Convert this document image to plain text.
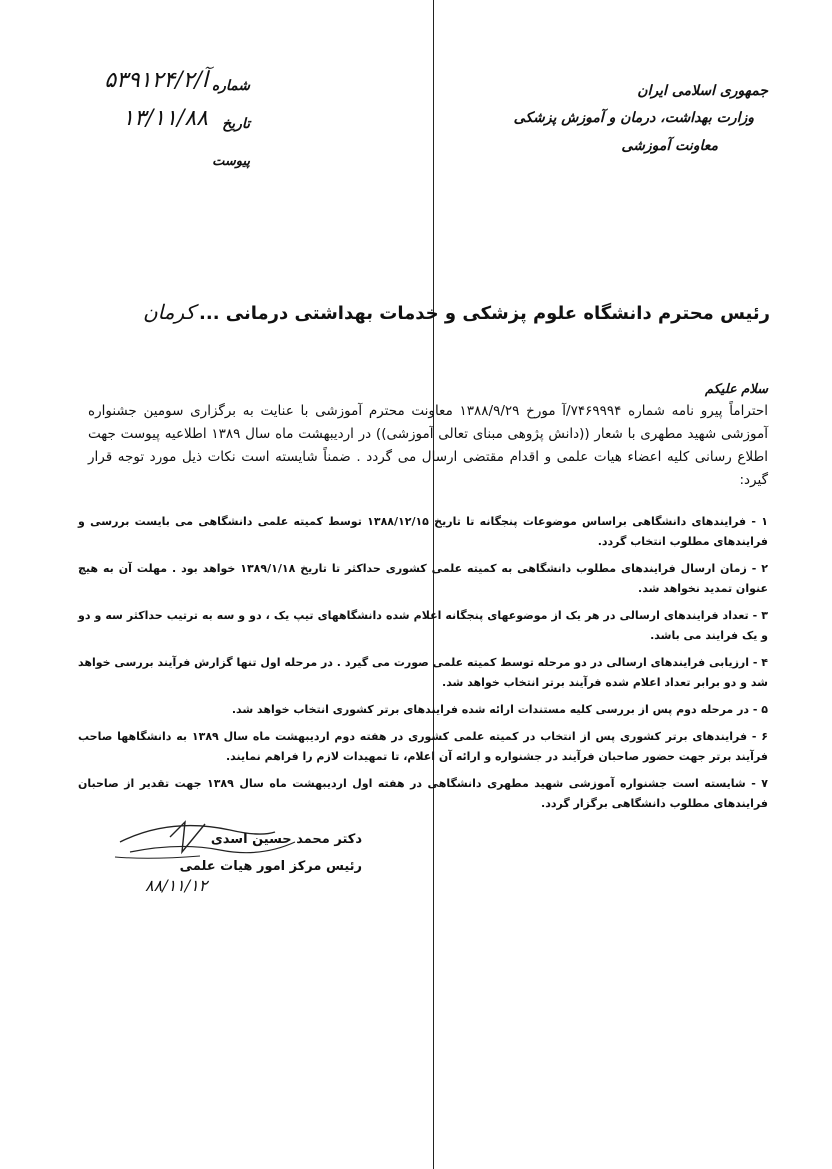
جمهوری اسلامی ایران
وزارت بهداشت، درمان و آموزش پزشکی
معاونت آموزشی
شماره
۵۳۹۱۲۴/۲/آ
تاریخ
۱۳/۱۱/۸۸
پیوست
رئیس محترم دانشگاه علوم پزشکی و خدمات بهداشتی درمانی ...کرمان
سلام علیکم
احتراماً پیرو نامه شماره ۷۴۶۹۹۹۴/آ مورخ ۱۳۸۸/۹/۲۹ معاونت محترم آموزشی با عنایت به برگزاری سومین جشنواره آموزشی شهید مطهری با شعار ((دانش پژوهی مبنای تعالی آموزشی)) در اردیبهشت ماه سال ۱۳۸۹ اطلاعیه پیوست جهت اطلاع رسانی کلیه اعضاء هیات علمی و اقدام مقتضی ارسال می گردد . ضمناً شایسته است نکات ذیل مورد توجه قرار گیرد:
۱ - فرایندهای دانشگاهی براساس موضوعات پنجگانه تا تاریخ ۱۳۸۸/۱۲/۱۵ توسط کمیته علمی دانشگاهی می بایست بررسی و فرایندهای مطلوب انتخاب گردد.
۲ - زمان ارسال فرایندهای مطلوب دانشگاهی به کمیته علمی کشوری حداکثر تا تاریخ ۱۳۸۹/۱/۱۸ خواهد بود . مهلت آن به هیچ عنوان تمدید نخواهد شد.
۳ - تعداد فرایندهای ارسالی در هر یک از موضوعهای پنجگانه اعلام شده دانشگاههای تیپ یک ، دو و سه به ترتیب حداکثر سه و دو و یک فرایند می باشد.
۴ - ارزیابی فرایندهای ارسالی در دو مرحله توسط کمیته علمی صورت می گیرد . در مرحله اول تنها گزارش فرآیند بررسی خواهد شد و دو برابر تعداد اعلام شده فرآیند برتر انتخاب خواهد شد.
۵ - در مرحله دوم پس از بررسی کلیه مستندات ارائه شده فرایندهای برتر کشوری انتخاب خواهد شد.
۶ - فرایندهای برتر کشوری پس از انتخاب در کمیته علمی کشوری در هفته دوم اردیبهشت ماه سال ۱۳۸۹ به دانشگاهها صاحب فرآیند برتر جهت حضور صاحبان فرآیند در جشنواره و ارائه آن اعلام، تا تمهیدات لازم را فراهم نمایند.
۷ - شایسته است جشنواره آموزشی شهید مطهری دانشگاهی در هفته اول اردیبهشت ماه سال ۱۳۸۹ جهت تقدیر از صاحبان فرایندهای مطلوب دانشگاهی برگزار گردد.
۸۸/۱۱/۱۲
دکتر محمد حسین اسدی
رئیس مرکز امور هیات علمی
